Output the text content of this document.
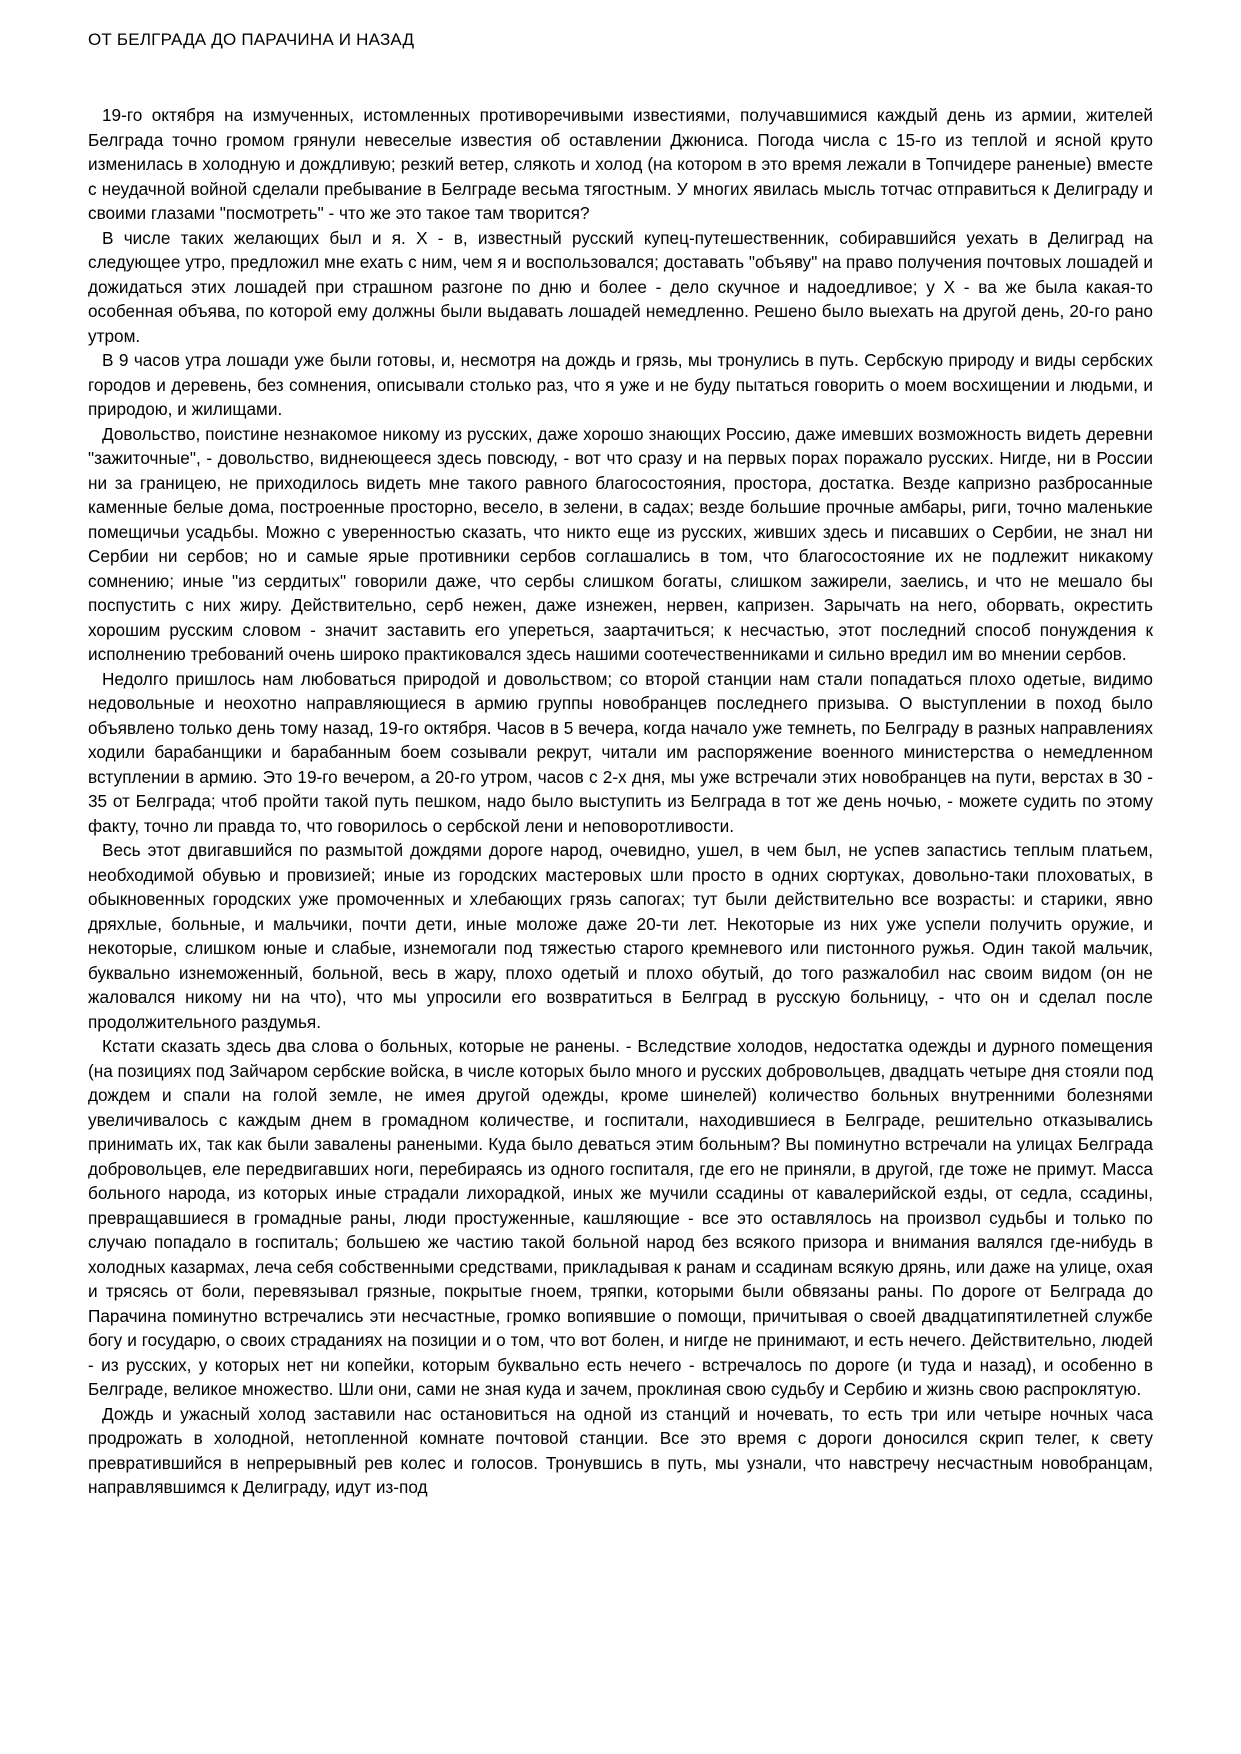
ОТ БЕЛГРАДА ДО ПАРАЧИНА И НАЗАД

19-го октября на измученных, истомленных противоречивыми известиями, получавшимися каждый день из армии, жителей Белграда точно громом грянули невеселые известия об оставлении Джюниса. Погода числа с 15-го из теплой и ясной круто изменилась в холодную и дождливую; резкий ветер, слякоть и холод (на котором в это время лежали в Топчидере раненые) вместе с неудачной войной сделали пребывание в Белграде весьма тягостным. У многих явилась мысль тотчас отправиться к Делиграду и своими глазами "посмотреть" - что же это такое там творится?

В числе таких желающих был и я. Х - в, известный русский купец-путешественник, собиравшийся уехать в Делиград на следующее утро, предложил мне ехать с ним, чем я и воспользовался; доставать "объяву" на право получения почтовых лошадей и дожидаться этих лошадей при страшном разгоне по дню и более - дело скучное и надоедливое; у Х - ва же была какая-то особенная объява, по которой ему должны были выдавать лошадей немедленно. Решено было выехать на другой день, 20-го рано утром.

В 9 часов утра лошади уже были готовы, и, несмотря на дождь и грязь, мы тронулись в путь. Сербскую природу и виды сербских городов и деревень, без сомнения, описывали столько раз, что я уже и не буду пытаться говорить о моем восхищении и людьми, и природою, и жилищами.

Довольство, поистине незнакомое никому из русских, даже хорошо знающих Россию, даже имевших возможность видеть деревни "зажиточные", - довольство, виднеющееся здесь повсюду, - вот что сразу и на первых порах поражало русских. Нигде, ни в России ни за границею, не приходилось видеть мне такого равного благосостояния, простора, достатка. Везде капризно разбросанные каменные белые дома, построенные просторно, весело, в зелени, в садах; везде большие прочные амбары, риги, точно маленькие помещичьи усадьбы. Можно с уверенностью сказать, что никто еще из русских, живших здесь и писавших о Сербии, не знал ни Сербии ни сербов; но и самые ярые противники сербов соглашались в том, что благосостояние их не подлежит никакому сомнению; иные "из сердитых" говорили даже, что сербы слишком богаты, слишком зажирели, заелись, и что не мешало бы поспустить с них жиру. Действительно, серб нежен, даже изнежен, нервен, капризен. Зарычать на него, оборвать, окрестить хорошим русским словом - значит заставить его упереться, заартачиться; к несчастью, этот последний способ понуждения к исполнению требований очень широко практиковался здесь нашими соотечественниками и сильно вредил им во мнении сербов.

Недолго пришлось нам любоваться природой и довольством; со второй станции нам стали попадаться плохо одетые, видимо недовольные и неохотно направляющиеся в армию группы новобранцев последнего призыва. О выступлении в поход было объявлено только день тому назад, 19-го октября. Часов в 5 вечера, когда начало уже темнеть, по Белграду в разных направлениях ходили барабанщики и барабанным боем созывали рекрут, читали им распоряжение военного министерства о немедленном вступлении в армию. Это 19-го вечером, а 20-го утром, часов с 2-х дня, мы уже встречали этих новобранцев на пути, верстах в 30 - 35 от Белграда; чтоб пройти такой путь пешком, надо было выступить из Белграда в тот же день ночью, - можете судить по этому факту, точно ли правда то, что говорилось о сербской лени и неповоротливости.

Весь этот двигавшийся по размытой дождями дороге народ, очевидно, ушел, в чем был, не успев запастись теплым платьем, необходимой обувью и провизией; иные из городских мастеровых шли просто в одних сюртуках, довольно-таки плоховатых, в обыкновенных городских уже промоченных и хлебающих грязь сапогах; тут были действительно все возрасты: и старики, явно дряхлые, больные, и мальчики, почти дети, иные моложе даже 20-ти лет. Некоторые из них уже успели получить оружие, и некоторые, слишком юные и слабые, изнемогали под тяжестью старого кремневого или пистонного ружья. Один такой мальчик, буквально изнеможенный, больной, весь в жару, плохо одетый и плохо обутый, до того разжалобил нас своим видом (он не жаловался никому ни на что), что мы упросили его возвратиться в Белград в русскую больницу, - что он и сделал после продолжительного раздумья.

Кстати сказать здесь два слова о больных, которые не ранены. - Вследствие холодов, недостатка одежды и дурного помещения (на позициях под Зайчаром сербские войска, в числе которых было много и русских добровольцев, двадцать четыре дня стояли под дождем и спали на голой земле, не имея другой одежды, кроме шинелей) количество больных внутренними болезнями увеличивалось с каждым днем в громадном количестве, и госпитали, находившиеся в Белграде, решительно отказывались принимать их, так как были завалены ранеными. Куда было деваться этим больным? Вы поминутно встречали на улицах Белграда добровольцев, еле передвигавших ноги, перебираясь из одного госпиталя, где его не приняли, в другой, где тоже не примут. Масса больного народа, из которых иные страдали лихорадкой, иных же мучили ссадины от кавалерийской езды, от седла, ссадины, превращавшиеся в громадные раны, люди простуженные, кашляющие - все это оставлялось на произвол судьбы и только по случаю попадало в госпиталь; большею же частию такой больной народ без всякого призора и внимания валялся где-нибудь в холодных казармах, леча себя собственными средствами, прикладывая к ранам и ссадинам всякую дрянь, или даже на улице, охая и трясясь от боли, перевязывал грязные, покрытые гноем, тряпки, которыми были обвязаны раны. По дороге от Белграда до Парачина поминутно встречались эти несчастные, громко вопиявшие о помощи, причитывая о своей двадцатипятилетней службе богу и государю, о своих страданиях на позиции и о том, что вот болен, и нигде не принимают, и есть нечего. Действительно, людей - из русских, у которых нет ни копейки, которым буквально есть нечего - встречалось по дороге (и туда и назад), и особенно в Белграде, великое множество. Шли они, сами не зная куда и зачем, проклиная свою судьбу и Сербию и жизнь свою распроклятую.

Дождь и ужасный холод заставили нас остановиться на одной из станций и ночевать, то есть три или четыре ночных часа продрожать в холодной, нетопленной комнате почтовой станции. Все это время с дороги доносился скрип телег, к свету превратившийся в непрерывный рев колес и голосов. Тронувшись в путь, мы узнали, что навстречу несчастным новобранцам, направлявшимся к Делиграду, идут из-под
